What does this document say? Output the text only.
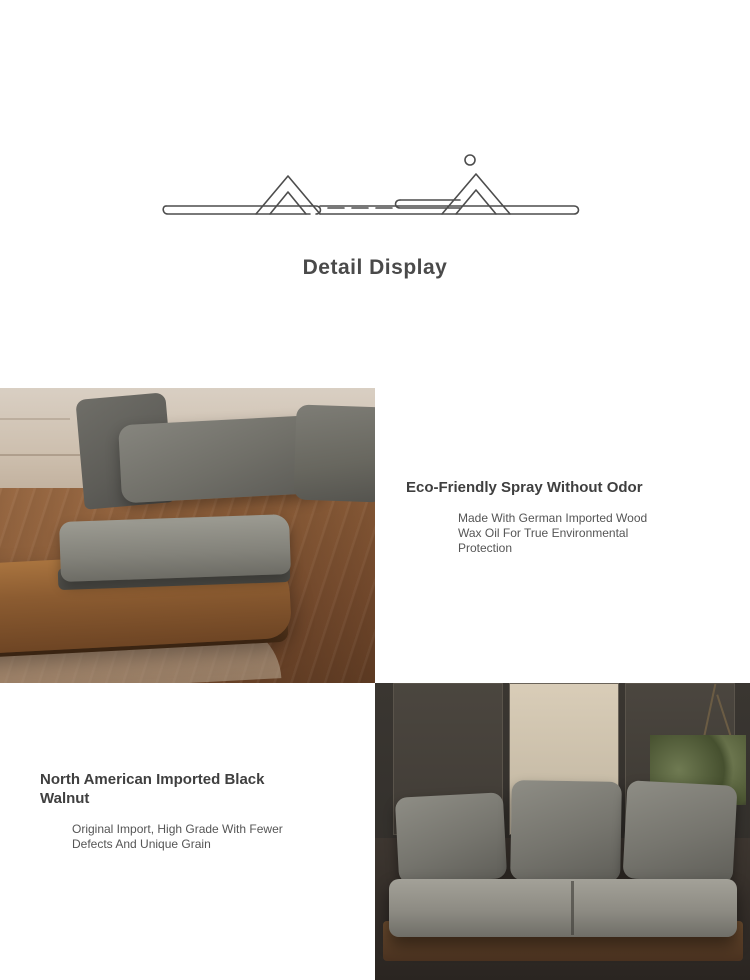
Detail Display
Eco-Friendly Spray Without Odor
Made With German Imported Wood Wax Oil For True Environmental Protection
North American Imported Black Walnut
Original Import, High Grade With Fewer Defects And Unique Grain
